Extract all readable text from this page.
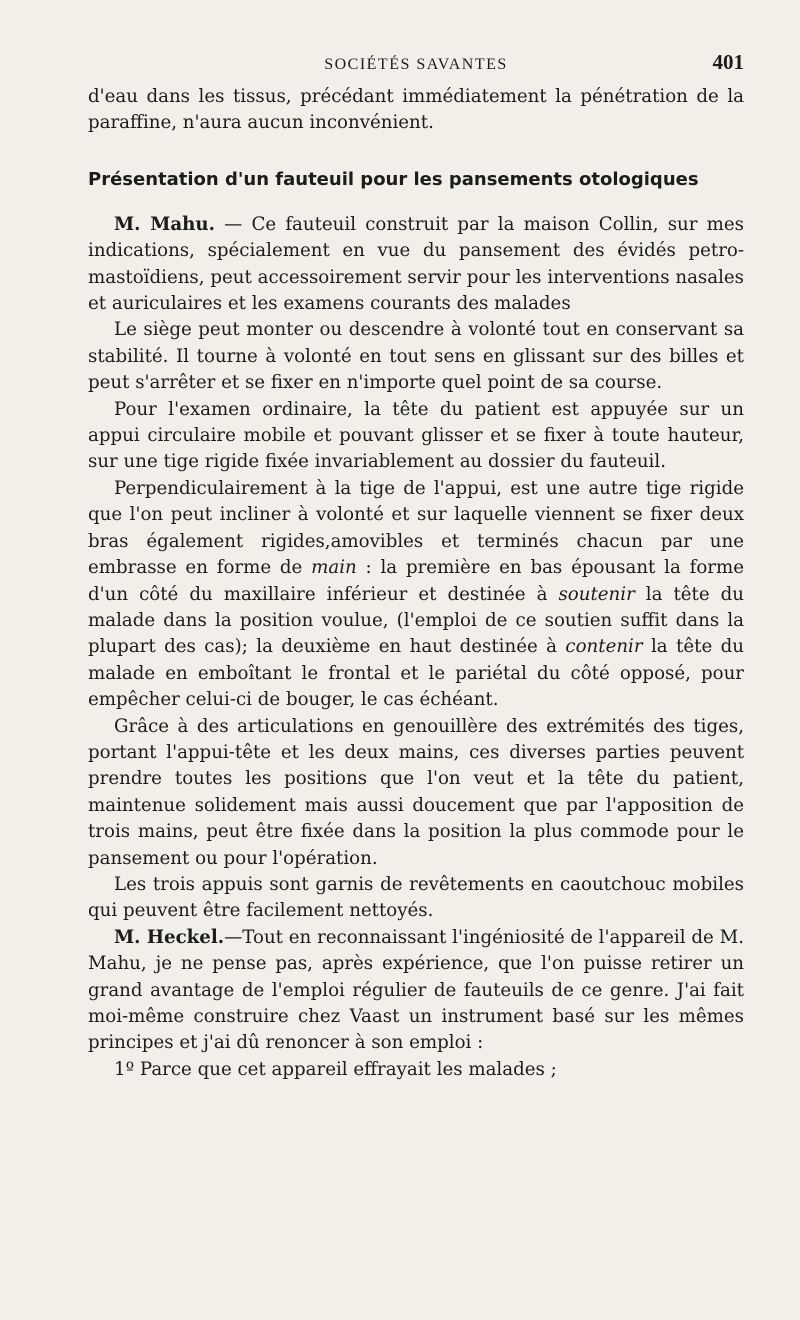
SOCIÉTÉS SAVANTES	401

d'eau dans les tissus, précédant immédiatement la pénétration de la paraffine, n'aura aucun inconvénient.

Présentation d'un fauteuil pour les pansements otologiques

M. Mahu. — Ce fauteuil construit par la maison Collin, sur mes indications, spécialement en vue du pansement des évidés petro-mastoïdiens, peut accessoirement servir pour les interventions nasales et auriculaires et les examens courants des malades

Le siège peut monter ou descendre à volonté tout en conservant sa stabilité. Il tourne à volonté en tout sens en glissant sur des billes et peut s'arrêter et se fixer en n'importe quel point de sa course.

Pour l'examen ordinaire, la tête du patient est appuyée sur un appui circulaire mobile et pouvant glisser et se fixer à toute hauteur, sur une tige rigide fixée invariablement au dossier du fauteuil.

Perpendiculairement à la tige de l'appui, est une autre tige rigide que l'on peut incliner à volonté et sur laquelle viennent se fixer deux bras également rigides,amovibles et terminés chacun par une embrasse en forme de main : la première en bas épousant la forme d'un côté du maxillaire inférieur et destinée à soutenir la tête du malade dans la position voulue, (l'emploi de ce soutien suffit dans la plupart des cas); la deuxième en haut destinée à contenir la tête du malade en emboîtant le frontal et le pariétal du côté opposé, pour empêcher celui-ci de bouger, le cas échéant.

Grâce à des articulations en genouillère des extrémités des tiges, portant l'appui-tête et les deux mains, ces diverses parties peuvent prendre toutes les positions que l'on veut et la tête du patient, maintenue solidement mais aussi doucement que par l'apposition de trois mains, peut être fixée dans la position la plus commode pour le pansement ou pour l'opération.

Les trois appuis sont garnis de revêtements en caoutchouc mobiles qui peuvent être facilement nettoyés.

M. Heckel.—Tout en reconnaissant l'ingéniosité de l'appareil de M. Mahu, je ne pense pas, après expérience, que l'on puisse retirer un grand avantage de l'emploi régulier de fauteuils de ce genre. J'ai fait moi-même construire chez Vaast un instrument basé sur les mêmes principes et j'ai dû renoncer à son emploi :

1º Parce que cet appareil effrayait les malades ;
